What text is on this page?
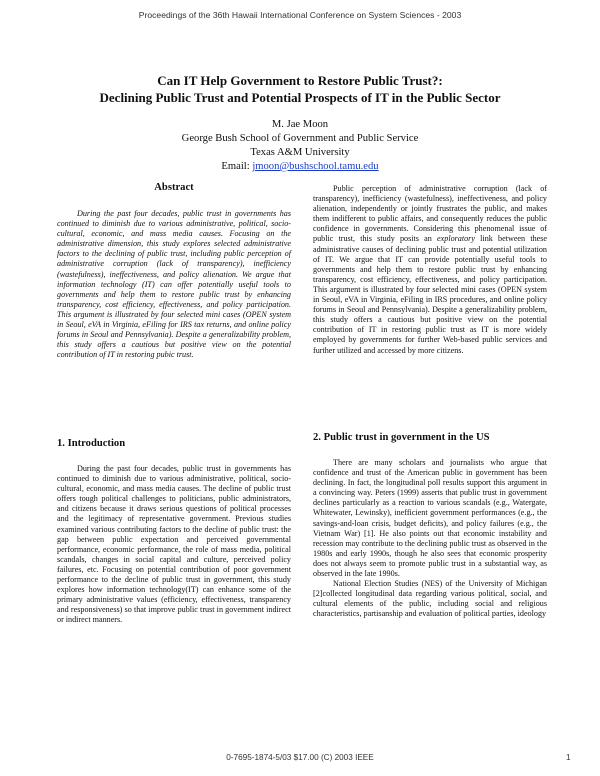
Proceedings of the 36th Hawaii International Conference on System Sciences - 2003
Can IT Help Government to Restore Public Trust?:
Declining Public Trust and Potential Prospects of IT in the Public Sector
M. Jae Moon
George Bush School of Government and Public Service
Texas A&M University
Email: jmoon@bushschool.tamu.edu
Abstract

During the past four decades, public trust in governments has continued to diminish due to various administrative, political, socio-cultural, economic, and mass media causes. Focusing on the administrative dimension, this study explores selected administrative factors to the declining of public trust, including public perception of administrative corruption (lack of transparency), inefficiency (wastefulness), ineffectiveness, and policy alienation. We argue that information technology (IT) can offer potentially useful tools to governments and help them to restore public trust by enhancing transparency, cost efficiency, effectiveness, and policy participation. This argument is illustrated by four selected mini cases (OPEN system in Seoul, eVA in Virginia, eFiling for IRS tax returns, and online policy forums in Seoul and Pennsylvania). Despite a generalizability problem, this study offers a cautious but positive view on the potential contribution of IT in restoring pubic trust.

1. Introduction

During the past four decades, public trust in governments has continued to diminish due to various administrative, political, socio-cultural, economic, and mass media causes. The decline of public trust offers tough political challenges to politicians, public administrators, and citizens because it draws serious questions of political processes and the legitimacy of representative government. Previous studies examined various contributing factors to the decline of public trust: the gap between public expectation and perceived governmental performance, economic performance, the role of mass media, political scandals, changes in social capital and culture, perceived policy failures, etc. Focusing on potential contribution of poor government performance to the decline of public trust in government, this study explores how information technology(IT) can enhance some of the primary administrative values (efficiency, effectiveness, transparency and responsiveness) so that improve public trust in government indirect or indirect manners.

Public perception of administrative corruption (lack of transparency), inefficiency (wastefulness), ineffectiveness, and policy alienation, independently or jointly frustrates the public, and makes them indifferent to public affairs, and consequently reduces the public confidence in governments. Considering this phenomenal issue of public trust, this study posits an exploratory link between these administrative causes of declining public trust and potential utilization of IT. We argue that IT can provide potentially useful tools to governments and help them to restore public trust by enhancing transparency, cost efficiency, effectiveness, and policy participation. This argument is illustrated by four selected mini cases (OPEN system in Seoul, eVA in Virginia, eFiling in IRS procedures, and online policy forums in Seoul and Pennsylvania). Despite a generalizability problem, this study offers a cautious but positive view on the potential contribution of IT in restoring public trust as IT is more widely employed by governments for further Web-based public services and further utilized and accessed by more citizens.

2. Public trust in government in the US

There are many scholars and journalists who argue that confidence and trust of the American public in government has been declining. In fact, the longitudinal poll results support this argument in a convincing way. Peters (1999) asserts that public trust in government declines particularly as a reaction to various scandals (e.g., Watergate, Whitewater, Lewinsky), inefficient government performances (e.g., the savings-and-loan crisis, budget deficits), and policy failures (e.g., the Vietnam War) [1]. He also points out that economic instability and recession may contribute to the declining public trust as observed in the 1980s and early 1990s, though he also sees that economic prosperity does not always seem to promote public trust in a substantial way, as observed in the late 1990s.

National Election Studies (NES) of the University of Michigan [2]collected longitudinal data regarding various political, social, and cultural elements of the public, including social and religious characteristics, partisanship and evaluation of political parties, ideology

0-7695-1874-5/03 $17.00 (C) 2003 IEEE	1
